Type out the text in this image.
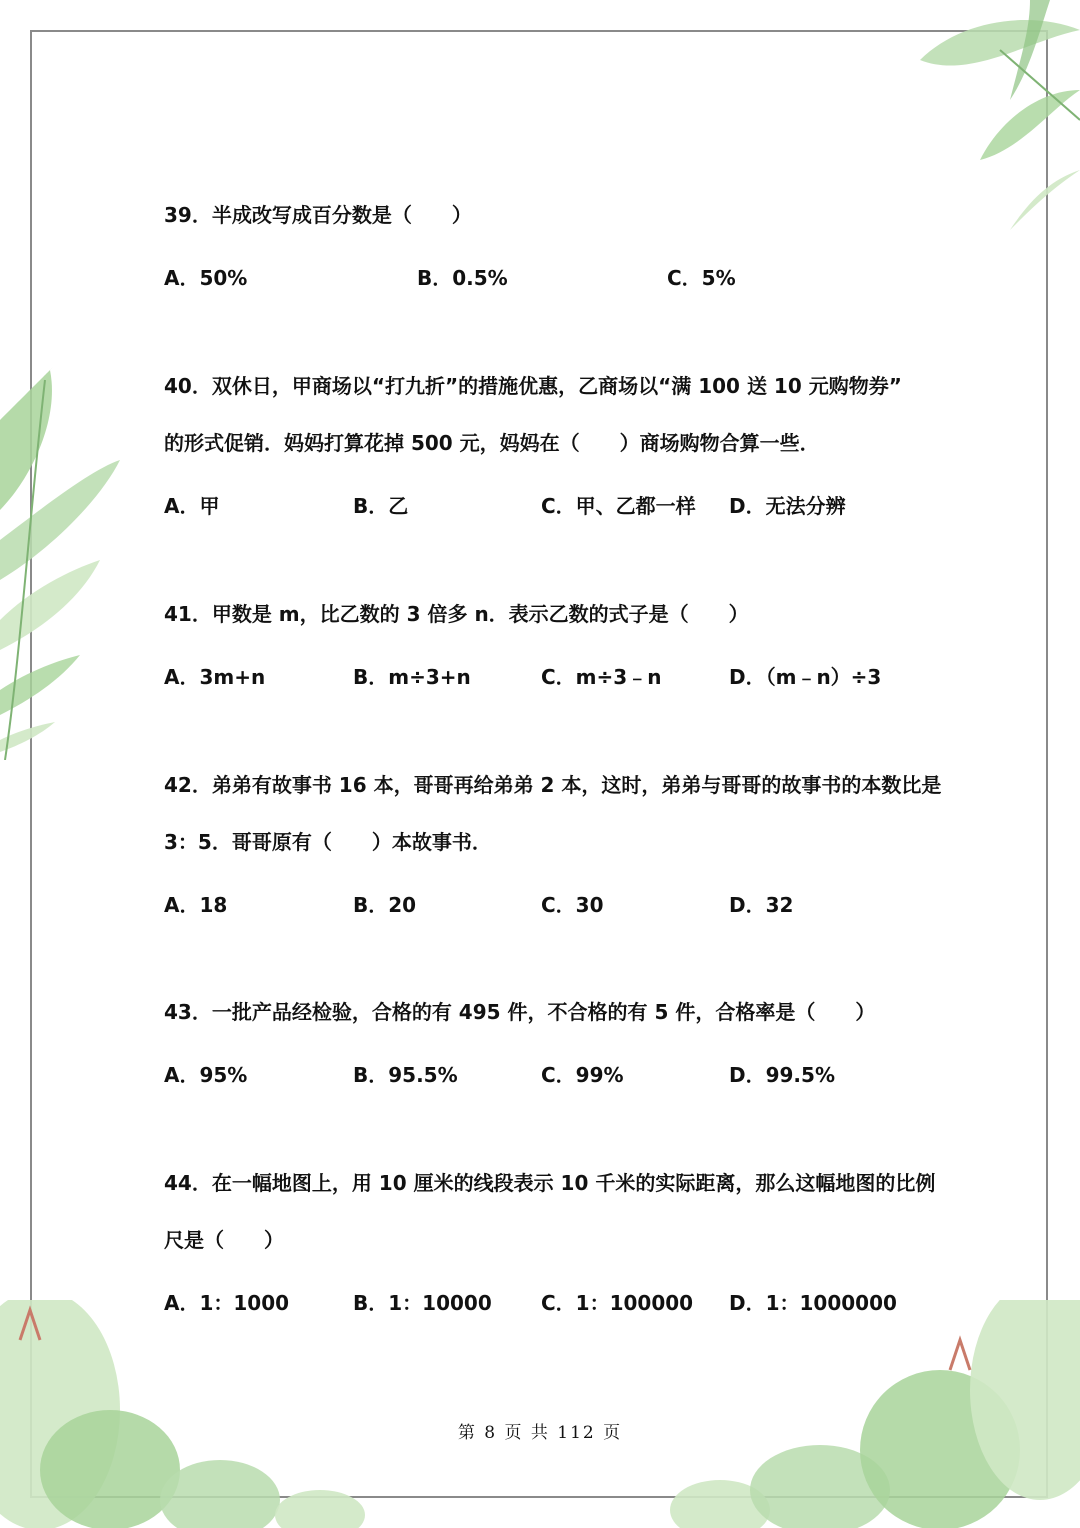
39．半成改写成百分数是（　　）
A．50%	B．0.5%	C．5%
40．双休日，甲商场以“打九折”的措施优惠，乙商场以“满 100 送 10 元购物券”
的形式促销．妈妈打算花掉 500 元，妈妈在（　　）商场购物合算一些．
A．甲	B．乙	C．甲、乙都一样 D．无法分辨
41．甲数是 m，比乙数的 3 倍多 n．表示乙数的式子是（　　）
A．3m+n	B．m÷3+n	C．m÷3﹣n	D．（m﹣n）÷3
42．弟弟有故事书 16 本，哥哥再给弟弟 2 本，这时，弟弟与哥哥的故事书的本数比是
3：5．哥哥原有（　　）本故事书．
A．18	B．20	C．30	D．32
43．一批产品经检验，合格的有 495 件，不合格的有 5 件，合格率是（　　）
A．95%	B．95.5%	C．99%	D．99.5%
44．在一幅地图上，用 10 厘米的线段表示 10 千米的实际距离，那么这幅地图的比例
尺是（　　）
A．1：1000	B．1：10000 C．1：100000 D．1：1000000
第 8 页 共 112 页
